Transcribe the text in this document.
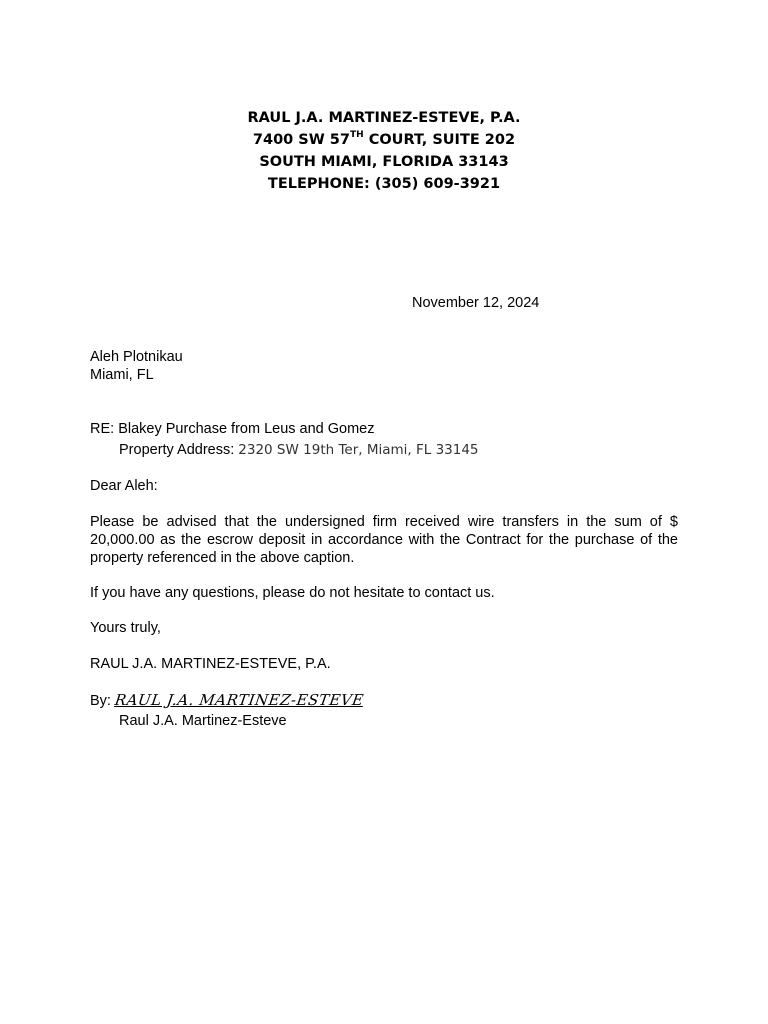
RAUL J.A. MARTINEZ-ESTEVE, P.A.
7400 SW 57TH COURT, SUITE 202
SOUTH MIAMI, FLORIDA 33143
TELEPHONE: (305) 609-3921
November 12, 2024
Aleh Plotnikau
Miami, FL
RE: Blakey Purchase from Leus and Gomez
Property Address: 2320 SW 19th Ter, Miami, FL 33145
Dear Aleh:
Please be advised that the undersigned firm received wire transfers in the sum of $ 20,000.00 as the escrow deposit in accordance with the Contract for the purchase of the property referenced in the above caption.
If you have any questions, please do not hesitate to contact us.
Yours truly,
RAUL J.A. MARTINEZ-ESTEVE, P.A.
By: RAUL J.A. MARTINEZ-ESTEVE
Raul J.A. Martinez-Esteve
